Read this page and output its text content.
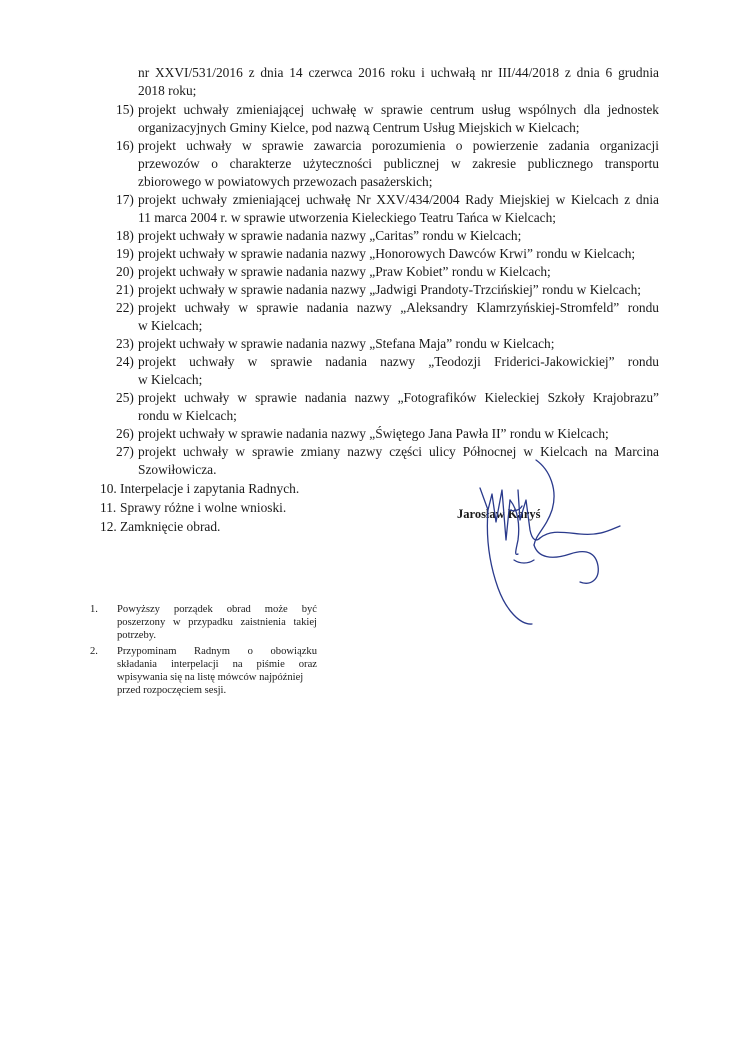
nr XXVI/531/2016 z dnia 14 czerwca 2016 roku i uchwałą nr III/44/2018 z dnia 6 grudnia
2018 roku;
15) projekt uchwały zmieniającej uchwałę w sprawie centrum usług wspólnych dla jednostek
organizacyjnych Gminy Kielce, pod nazwą Centrum Usług Miejskich w Kielcach;
16) projekt uchwały w sprawie zawarcia porozumienia o powierzenie zadania organizacji
przewozów o charakterze użyteczności publicznej w zakresie publicznego transportu
zbiorowego w powiatowych przewozach pasażerskich;
17) projekt uchwały zmieniającej uchwałę Nr XXV/434/2004 Rady Miejskiej w Kielcach z dnia
11 marca 2004 r. w sprawie utworzenia Kieleckiego Teatru Tańca w Kielcach;
18) projekt uchwały w sprawie nadania nazwy „Caritas” rondu w Kielcach;
19) projekt uchwały w sprawie nadania nazwy „Honorowych Dawców Krwi” rondu w Kielcach;
20) projekt uchwały w sprawie nadania nazwy „Praw Kobiet” rondu w Kielcach;
21) projekt uchwały w sprawie nadania nazwy „Jadwigi Prandoty-Trzcińskiej” rondu w Kielcach;
22) projekt uchwały w sprawie nadania nazwy „Aleksandry Klamrzyńskiej-Stromfeld” rondu
w Kielcach;
23) projekt uchwały w sprawie nadania nazwy „Stefana Maja” rondu w Kielcach;
24) projekt uchwały w sprawie nadania nazwy „Teodozji Friderici-Jakowickiej” rondu
w Kielcach;
25) projekt uchwały w sprawie nadania nazwy „Fotografików Kieleckiej Szkoły Krajobrazu”
rondu w Kielcach;
26) projekt uchwały w sprawie nadania nazwy „Świętego Jana Pawła II” rondu w Kielcach;
27) projekt uchwały w sprawie zmiany nazwy części ulicy Północnej w Kielcach na Marcina
Szowiłowicza.
10. Interpelacje i zapytania Radnych.
11. Sprawy różne i wolne wnioski.
12. Zamknięcie obrad.
Jarosław Karyś
1. Powyższy porządek obrad może być
poszerzony w przypadku zaistnienia takiej
potrzeby.
2. Przypominam Radnym o obowiązku
składania interpelacji na piśmie oraz
wpisywania się na listę mówców najpóźniej
przed rozpoczęciem sesji.
